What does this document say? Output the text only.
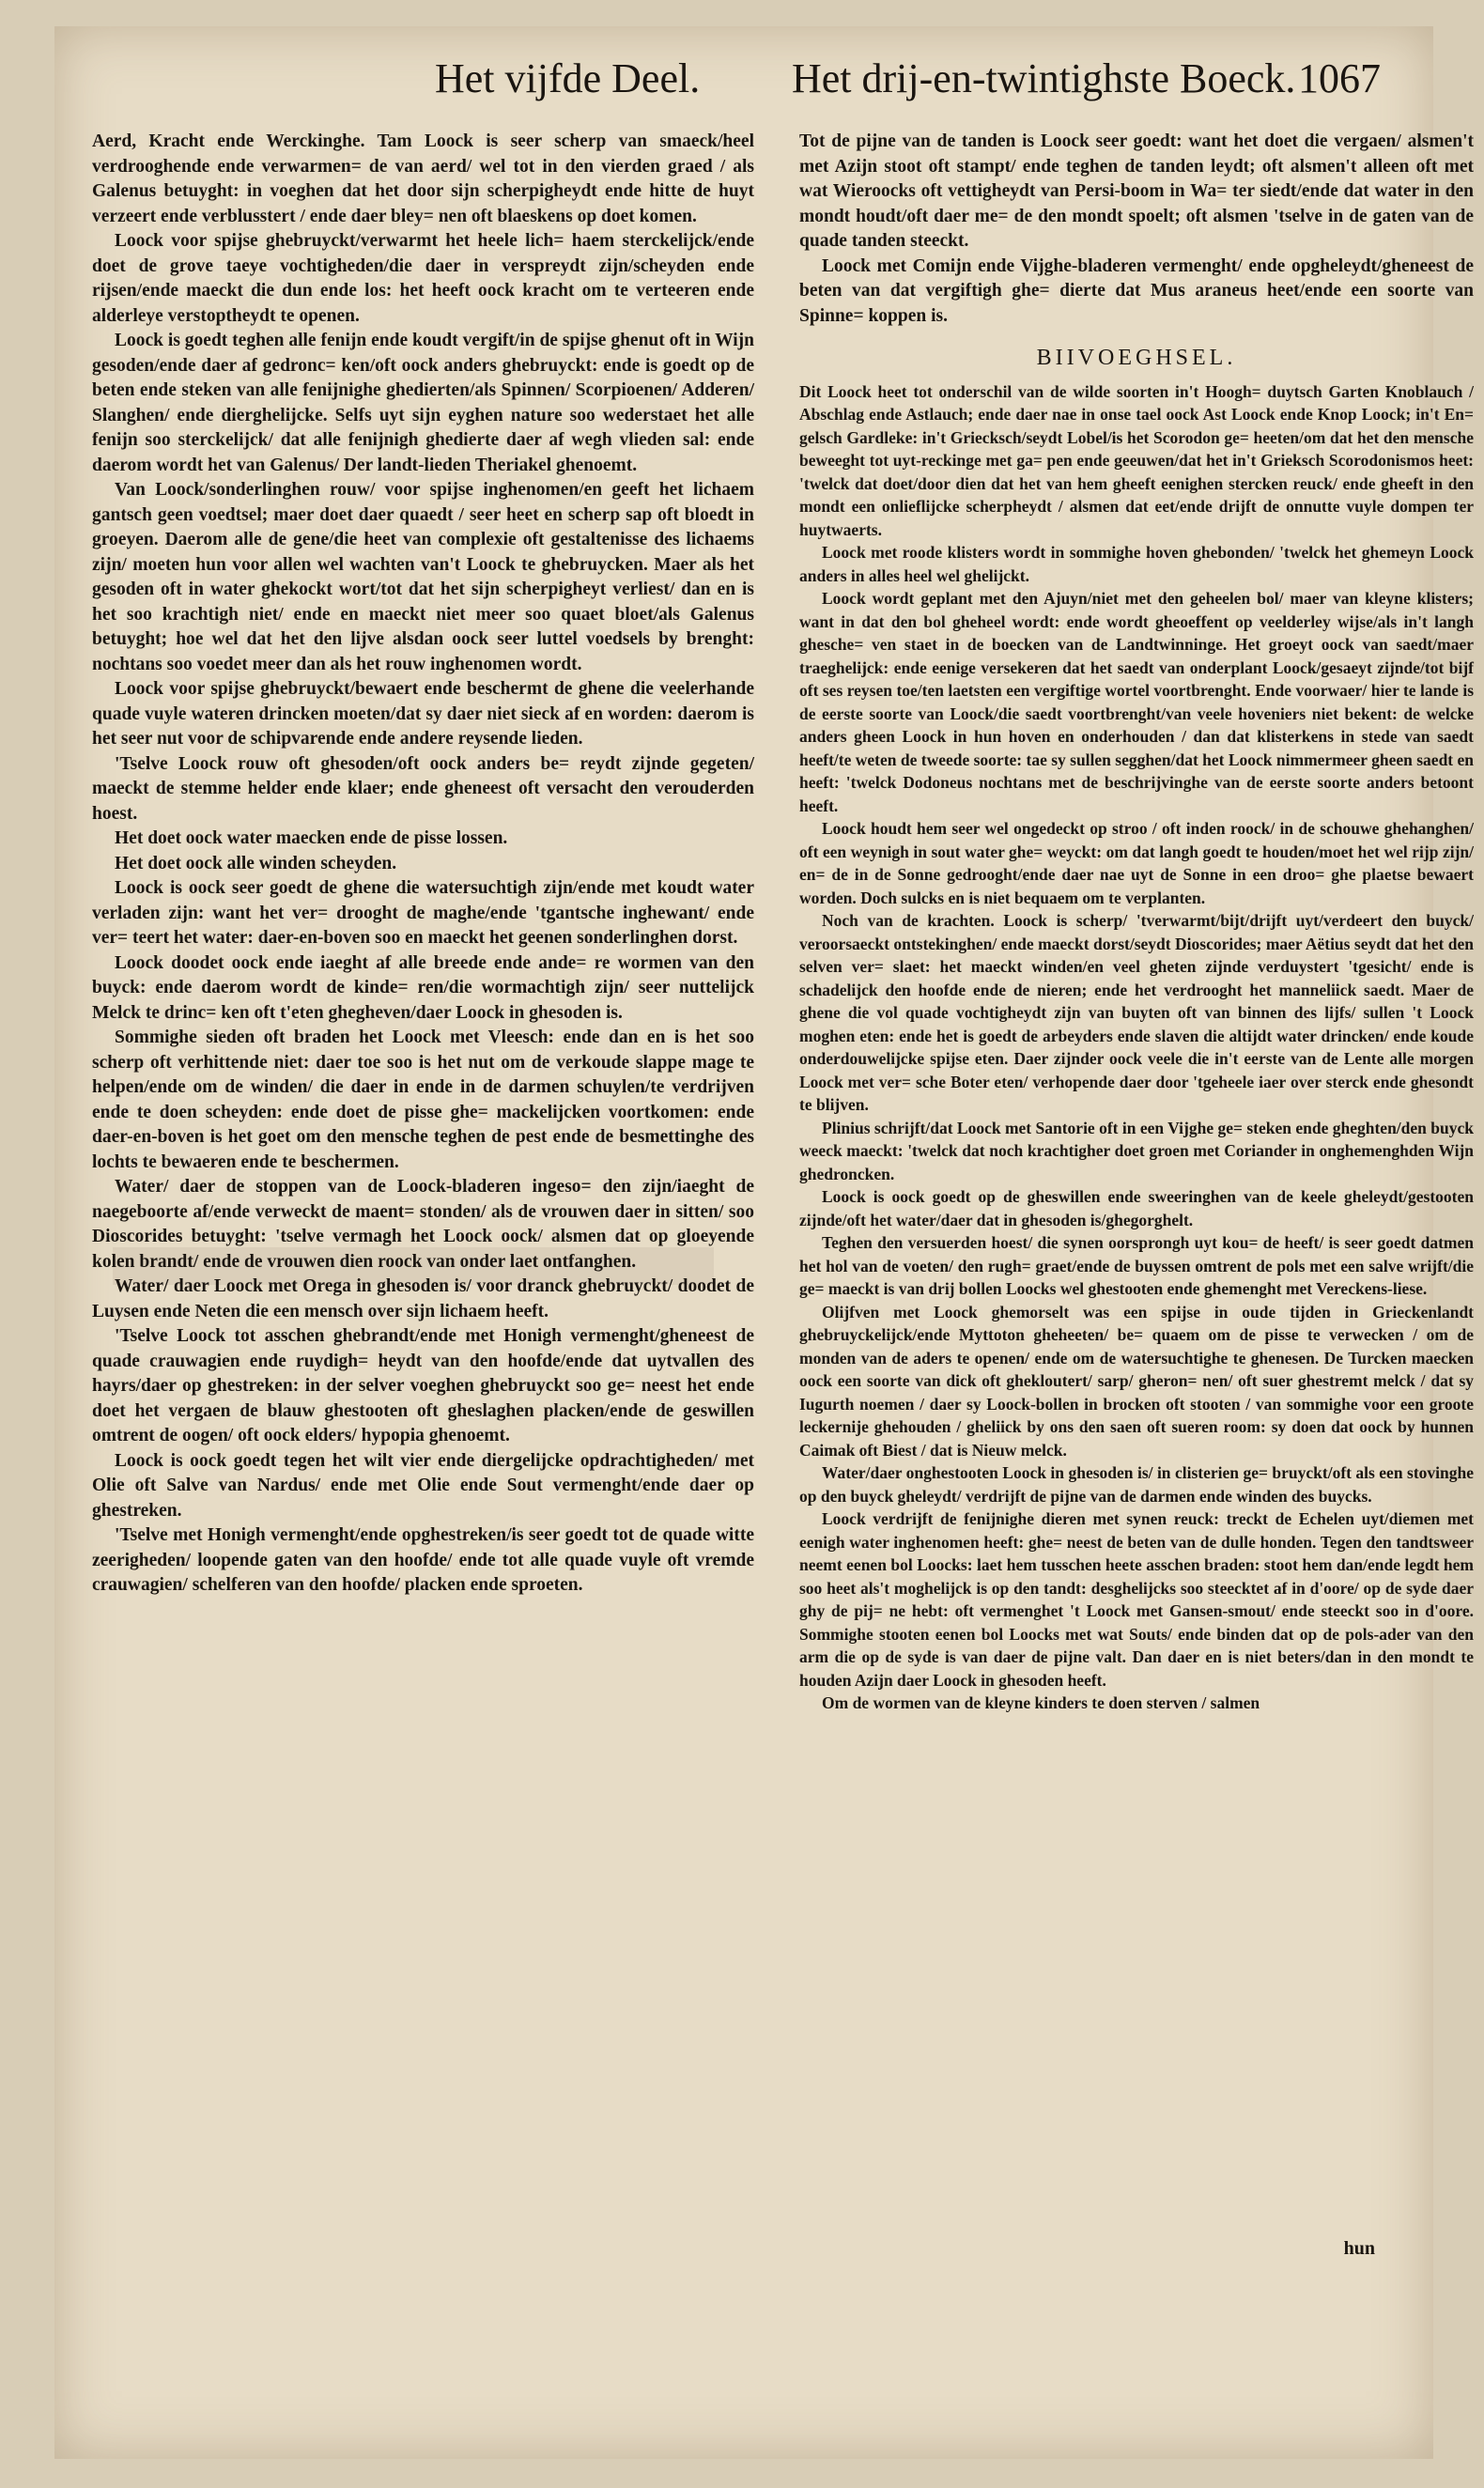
Het vijfde Deel. Het drij-en-twintighste Boeck. 1067

Aerd, Kracht ende Werckinghe. Tam Loock is seer scherp van smaeck/heel verdrooghende ende verwarmen= de van aerd/ wel tot in den vierden graed / als Galenus betuyght: in voeghen dat het door sijn scherpigheydt ende hitte de huyt verzeert ende verblusstert / ende daer bley= nen oft blaeskens op doet komen.

Loock voor spijse ghebruyckt/verwarmt het heele lich= haem sterckelijck/ende doet de grove taeye vochtigheden/die daer in verspreydt zijn/scheyden ende rijsen/ende maeckt die dun ende los: het heeft oock kracht om te verteeren ende alderleye verstoptheydt te openen.

Loock is goedt teghen alle fenijn ende koudt vergift/in de spijse ghenut oft in Wijn gesoden/ende daer af gedronc= ken/oft oock anders ghebruyckt: ende is goedt op de beten ende steken van alle fenijnighe ghedierten/als Spinnen/ Scorpioenen/ Adderen/ Slanghen/ ende dierghelijcke. Selfs uyt sijn eyghen nature soo wederstaet het alle fenijn soo sterckelijck/ dat alle fenijnigh ghedierte daer af wegh vlieden sal: ende daerom wordt het van Galenus/ Der landt-lieden Theriakel ghenoemt.

Van Loock/sonderlinghen rouw/ voor spijse inghenomen/en geeft het lichaem gantsch geen voedtsel; maer doet daer quaedt / seer heet en scherp sap oft bloedt in groeyen. Daerom alle de gene/die heet van complexie oft gestaltenisse des lichaems zijn/ moeten hun voor allen wel wachten van't Loock te ghebruycken. Maer als het gesoden oft in water ghekockt wort/tot dat het sijn scherpigheyt verliest/ dan en is het soo krachtigh niet/ ende en maeckt niet meer soo quaet bloet/als Galenus betuyght; hoe wel dat het den lijve alsdan oock seer luttel voedsels by brenght: nochtans soo voedet meer dan als het rouw inghenomen wordt.

Loock voor spijse ghebruyckt/bewaert ende beschermt de ghene die veelerhande quade vuyle wateren drincken moeten/dat sy daer niet sieck af en worden: daerom is het seer nut voor de schipvarende ende andere reysende lieden.

'Tselve Loock rouw oft ghesoden/oft oock anders be= reydt zijnde gegeten/ maeckt de stemme helder ende klaer; ende gheneest oft versacht den verouderden hoest.

Het doet oock water maecken ende de pisse lossen.

Het doet oock alle winden scheyden.

Loock is oock seer goedt de ghene die watersuchtigh zijn/ende met koudt water verladen zijn: want het ver= drooght de maghe/ende 'tgantsche inghewant/ ende ver= teert het water: daer-en-boven soo en maeckt het geenen sonderlinghen dorst.

Loock doodet oock ende iaeght af alle breede ende ande= re wormen van den buyck: ende daerom wordt de kinde= ren/die wormachtigh zijn/ seer nuttelijck Melck te drinc= ken oft t'eten ghegheven/daer Loock in ghesoden is.

Sommighe sieden oft braden het Loock met Vleesch: ende dan en is het soo scherp oft verhittende niet: daer toe soo is het nut om de verkoude slappe mage te helpen/ende om de winden/ die daer in ende in de darmen schuylen/te verdrijven ende te doen scheyden: ende doet de pisse ghe= mackelijcken voortkomen: ende daer-en-boven is het goet om den mensche teghen de pest ende de besmettinghe des lochts te bewaeren ende te beschermen.

Water/ daer de stoppen van de Loock-bladeren ingeso= den zijn/iaeght de naegeboorte af/ende verweckt de maent= stonden/ als de vrouwen daer in sitten/ soo Dioscorides betuyght: 'tselve vermagh het Loock oock/ alsmen dat op gloeyende kolen brandt/ ende de vrouwen dien roock van onder laet ontfanghen.

Water/ daer Loock met Orega in ghesoden is/ voor dranck ghebruyckt/ doodet de Luysen ende Neten die een mensch over sijn lichaem heeft.

'Tselve Loock tot asschen ghebrandt/ende met Honigh vermenght/gheneest de quade crauwagien ende ruydigh= heydt van den hoofde/ende dat uytvallen des hayrs/daer op ghestreken: in der selver voeghen ghebruyckt soo ge= neest het ende doet het vergaen de blauw ghestooten oft gheslaghen placken/ende de geswillen omtrent de oogen/ oft oock elders/ hypopia ghenoemt.

Loock is oock goedt tegen het wilt vier ende diergelijcke opdrachtigheden/ met Olie oft Salve van Nardus/ ende met Olie ende Sout vermenght/ende daer op ghestreken.

'Tselve met Honigh vermenght/ende opghestreken/is seer goedt tot de quade witte zeerigheden/ loopende gaten van den hoofde/ ende tot alle quade vuyle oft vremde crauwagien/ schelferen van den hoofde/ placken ende sproeten.

Tot de pijne van de tanden is Loock seer goedt: want het doet die vergaen/ alsmen't met Azijn stoot oft stampt/ ende teghen de tanden leydt; oft alsmen't alleen oft met wat Wieroocks oft vettigheydt van Persi-boom in Wa= ter siedt/ende dat water in den mondt houdt/oft daer me= de den mondt spoelt; oft alsmen 'tselve in de gaten van de quade tanden steeckt.

Loock met Comijn ende Vijghe-bladeren vermenght/ ende opgheleydt/gheneest de beten van dat vergiftigh ghe= dierte dat Mus araneus heet/ende een soorte van Spinne= koppen is.

BIIVOEGHSEL.

Dit Loock heet tot onderschil van de wilde soorten in't Hoogh= duytsch Garten Knoblauch / Abschlag ende Astlauch; ende daer nae in onse tael oock Ast Loock ende Knop Loock; in't En= gelsch Gardleke: in't Griecksch/seydt Lobel/is het Scorodon ge= heeten/om dat het den mensche beweeght tot uyt-reckinge met ga= pen ende geeuwen/dat het in't Grieksch Scorodonismos heet: 'twelck dat doet/door dien dat het van hem gheeft eenighen stercken reuck/ ende gheeft in den mondt een onlieflijcke scherpheydt / alsmen dat eet/ende drijft de onnutte vuyle dompen ter huytwaerts.

Loock met roode klisters wordt in sommighe hoven ghebonden/ 'twelck het ghemeyn Loock anders in alles heel wel ghelijckt.

Loock wordt geplant met den Ajuyn/niet met den geheelen bol/ maer van kleyne klisters; want in dat den bol gheheel wordt: ende wordt gheoeffent op veelderley wijse/als in't langh ghesche= ven staet in de boecken van de Landtwinninge. Het groeyt oock van saedt/maer traeghelijck: ende eenige versekeren dat het saedt van onderplant Loock/gesaeyt zijnde/tot bijf oft ses reysen toe/ten laetsten een vergiftige wortel voortbrenght. Ende voorwaer/ hier te lande is de eerste soorte van Loock/die saedt voortbrenght/van veele hoveniers niet bekent: de welcke anders gheen Loock in hun hoven en onderhouden / dan dat klisterkens in stede van saedt heeft/te weten de tweede soorte: tae sy sullen segghen/dat het Loock nimmermeer gheen saedt en heeft: 'twelck Dodoneus nochtans met de beschrijvinghe van de eerste soorte anders betoont heeft.

Loock houdt hem seer wel ongedeckt op stroo / oft inden roock/ in de schouwe ghehanghen/ oft een weynigh in sout water ghe= weyckt: om dat langh goedt te houden/moet het wel rijp zijn/ en= de in de Sonne gedrooght/ende daer nae uyt de Sonne in een droo= ghe plaetse bewaert worden. Doch sulcks en is niet bequaem om te verplanten.

Noch van de krachten. Loock is scherp/ 'tverwarmt/bijt/drijft uyt/verdeert den buyck/ veroorsaeckt ontstekinghen/ ende maeckt dorst/seydt Dioscorides; maer Aëtius seydt dat het den selven ver= slaet: het maeckt winden/en veel gheten zijnde verduystert 'tgesicht/ ende is schadelijck den hoofde ende de nieren; ende het verdrooght het manneliick saedt. Maer de ghene die vol quade vochtigheydt zijn van buyten oft van binnen des lijfs/ sullen 't Loock moghen eten: ende het is goedt de arbeyders ende slaven die altijdt water drincken/ ende koude onderdouwelijcke spijse eten. Daer zijnder oock veele die in't eerste van de Lente alle morgen Loock met ver= sche Boter eten/ verhopende daer door 'tgeheele iaer over sterck ende ghesondt te blijven.

Plinius schrijft/dat Loock met Santorie oft in een Vijghe ge= steken ende gheghten/den buyck weeck maeckt: 'twelck dat noch krachtigher doet groen met Coriander in onghemenghden Wijn ghedroncken.

Loock is oock goedt op de gheswillen ende sweeringhen van de keele gheleydt/gestooten zijnde/oft het water/daer dat in ghesoden is/ghegorghelt.

Teghen den versuerden hoest/ die synen oorsprongh uyt kou= de heeft/ is seer goedt datmen het hol van de voeten/ den rugh= graet/ende de buyssen omtrent de pols met een salve wrijft/die ge= maeckt is van drij bollen Loocks wel ghestooten ende ghemenght met Vereckens-liese.

Olijfven met Loock ghemorselt was een spijse in oude tijden in Grieckenlandt ghebruyckelijck/ende Myttoton gheheeten/ be= quaem om de pisse te verwecken / om de monden van de aders te openen/ ende om de watersuchtighe te ghenesen. De Turcken maecken oock een soorte van dick oft ghekloutert/ sarp/ gheron= nen/ oft suer ghestremt melck / dat sy Iugurth noemen / daer sy Loock-bollen in brocken oft stooten / van sommighe voor een groote leckernije ghehouden / gheliick by ons den saen oft sueren room: sy doen dat oock by hunnen Caimak oft Biest / dat is Nieuw melck.

Water/daer onghestooten Loock in ghesoden is/ in clisterien ge= bruyckt/oft als een stovinghe op den buyck gheleydt/ verdrijft de pijne van de darmen ende winden des buycks.

Loock verdrijft de fenijnighe dieren met synen reuck: treckt de Echelen uyt/diemen met eenigh water inghenomen heeft: ghe= neest de beten van de dulle honden. Tegen den tandtsweer neemt eenen bol Loocks: laet hem tusschen heete asschen braden: stoot hem dan/ende legdt hem soo heet als't moghelijck is op den tandt: desghelijcks soo steecktet af in d'oore/ op de syde daer ghy de pij= ne hebt: oft vermenghet 't Loock met Gansen-smout/ ende steeckt soo in d'oore. Sommighe stooten eenen bol Loocks met wat Souts/ ende binden dat op de pols-ader van den arm die op de syde is van daer de pijne valt. Dan daer en is niet beters/dan in den mondt te houden Azijn daer Loock in ghesoden heeft.

Om de wormen van de kleyne kinders te doen sterven / salmen

hun
